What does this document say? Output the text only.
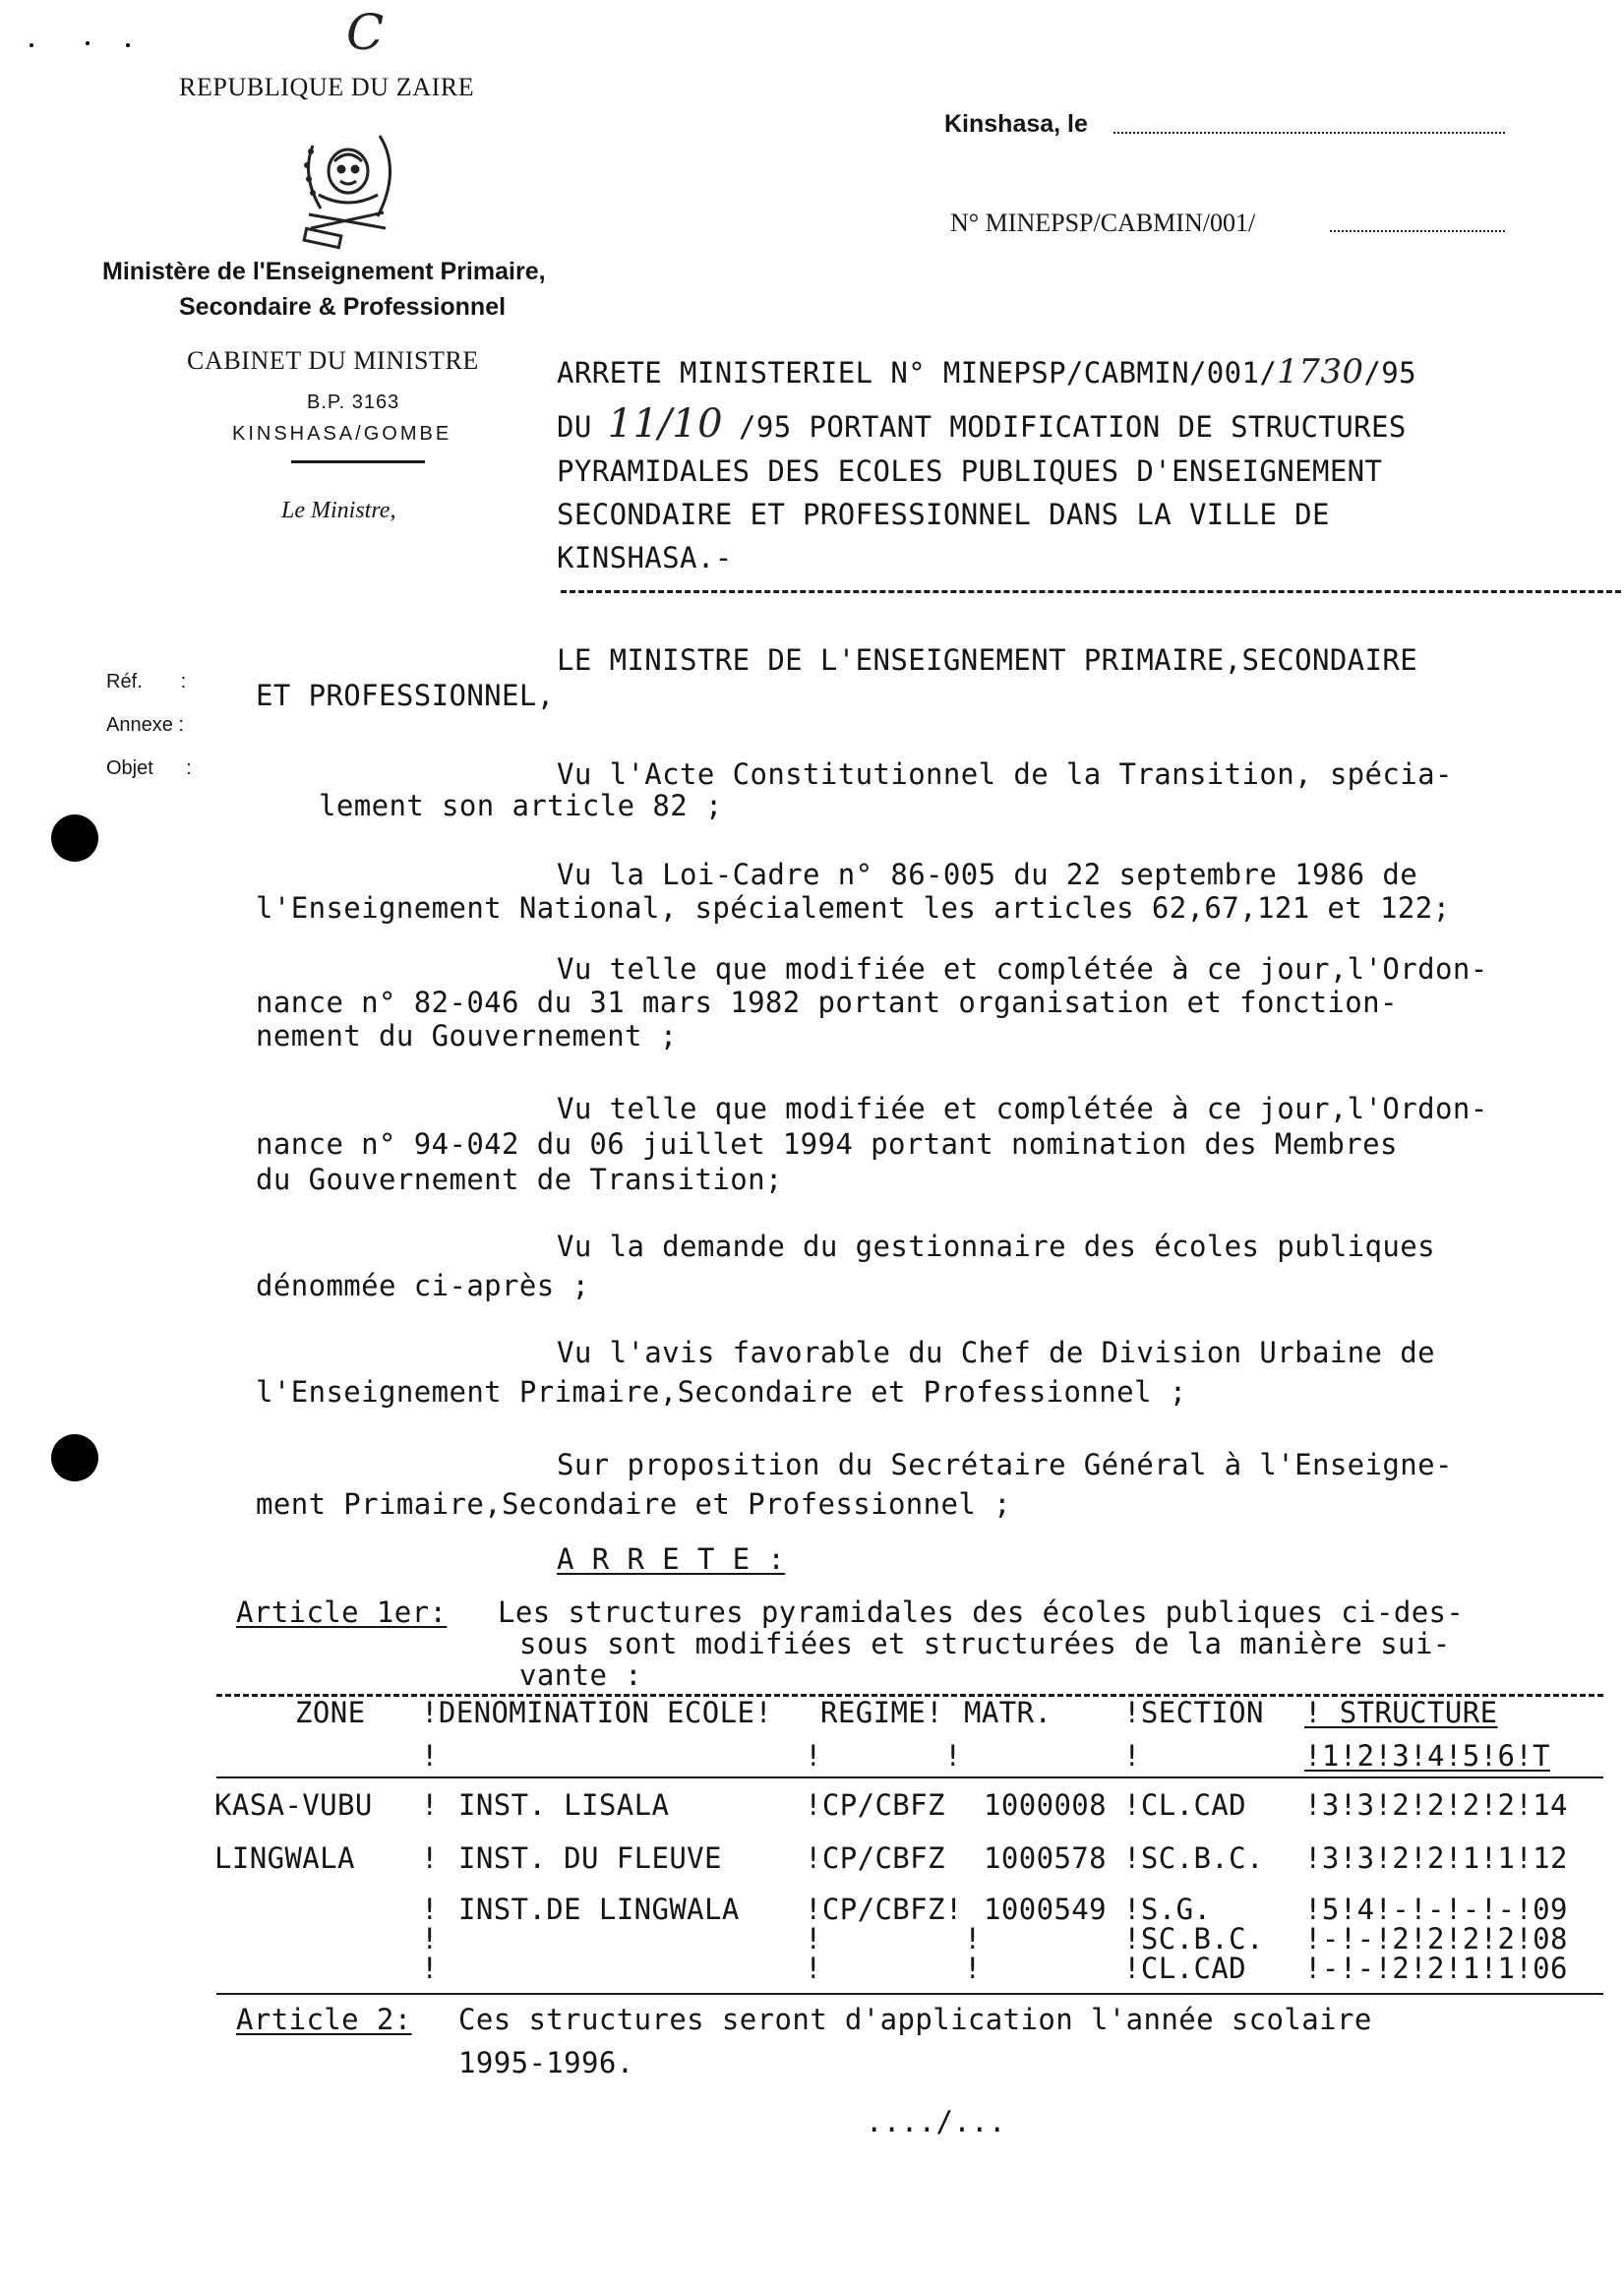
C
REPUBLIQUE DU ZAIRE
Ministère de l'Enseignement Primaire,
Secondaire & Professionnel
CABINET DU MINISTRE
B.P. 3163
KINSHASA/GOMBE
Le Ministre,
Kinshasa, le
N° MINEPSP/CABMIN/001/
ARRETE MINISTERIEL N° MINEPSP/CABMIN/001/1730/95
DU 11/10 /95 PORTANT MODIFICATION DE STRUCTURES
PYRAMIDALES DES ECOLES PUBLIQUES D'ENSEIGNEMENT
SECONDAIRE ET PROFESSIONNEL DANS LA VILLE DE
KINSHASA.-
Réf.       :
Annexe :
Objet      :
LE MINISTRE DE L'ENSEIGNEMENT PRIMAIRE,SECONDAIRE
ET PROFESSIONNEL,
Vu l'Acte Constitutionnel de la Transition, spécia-
lement son article 82 ;
Vu la Loi-Cadre n° 86-005 du 22 septembre 1986 de
l'Enseignement National, spécialement les articles 62,67,121 et 122;
Vu telle que modifiée et complétée à ce jour,l'Ordon-
nance n° 82-046 du 31 mars 1982 portant organisation et fonction-
nement du Gouvernement ;
Vu telle que modifiée et complétée à ce jour,l'Ordon-
nance n° 94-042 du 06 juillet 1994 portant nomination des Membres
du Gouvernement de Transition;
Vu la demande du gestionnaire des écoles publiques
dénommée ci-après ;
Vu l'avis favorable du Chef de Division Urbaine de
l'Enseignement Primaire,Secondaire et Professionnel ;
Sur proposition du Secrétaire Général à l'Enseigne-
ment Primaire,Secondaire et Professionnel ;
A R R E T E :
Article 1er: Les structures pyramidales des écoles publiques ci-des-
sous sont modifiées et structurées de la manière sui-
vante :
ZONE !DENOMINATION ECOLE! REGIME! MATR.	!SECTION ! STRUCTURE
!	!	!	!	!1!2!3!4!5!6!T
KASA-VUBU ! INST. LISALA	!CP/CBFZ 1000008 !CL.CAD !3!3!2!2!2!2!14
LINGWALA ! INST. DU FLEUVE	!CP/CBFZ 1000578 !SC.B.C. !3!3!2!2!1!1!12
! INST.DE LINGWALA !CP/CBFZ! 1000549 !S.G.	!5!4!-!-!-!-!09
!	!	!	!SC.B.C. !-!-!2!2!2!2!08
!	!	!	!CL.CAD !-!-!2!2!1!1!06
Article 2: Ces structures seront d'application l'année scolaire
1995-1996.
..../...
